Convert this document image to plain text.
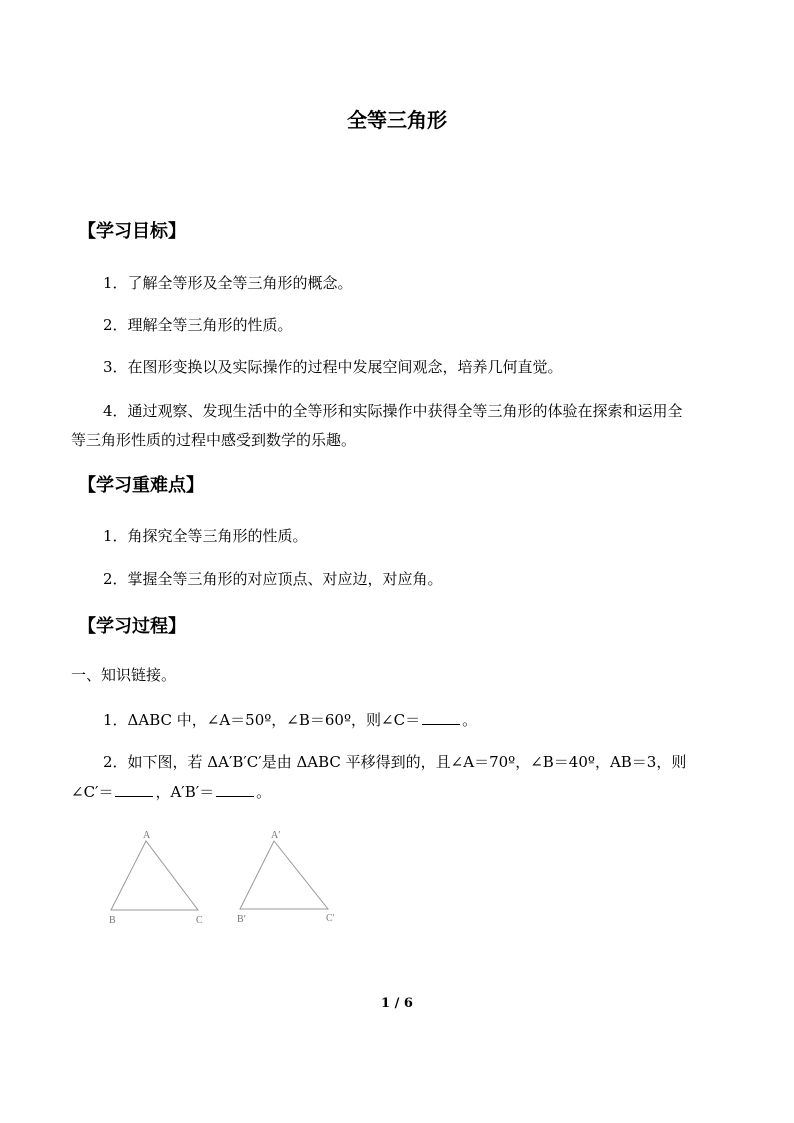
全等三角形
【学习目标】
1．了解全等形及全等三角形的概念。
2．理解全等三角形的性质。
3．在图形变换以及实际操作的过程中发展空间观念，培养几何直觉。
4．通过观察、发现生活中的全等形和实际操作中获得全等三角形的体验在探索和运用全
等三角形性质的过程中感受到数学的乐趣。
【学习重难点】
1．角探究全等三角形的性质。
2．掌握全等三角形的对应顶点、对应边，对应角。
【学习过程】
一、知识链接。
1．ΔABC 中，∠A＝50º，∠B＝60º，则∠C＝	。
2．如下图，若 ΔA′B′C′是由 ΔABC 平移得到的，且∠A＝70º，∠B＝40º，AB＝3，则
∠C′＝	，A′B′＝	。
A
B	C
A′
B′	C′
1 / 6
